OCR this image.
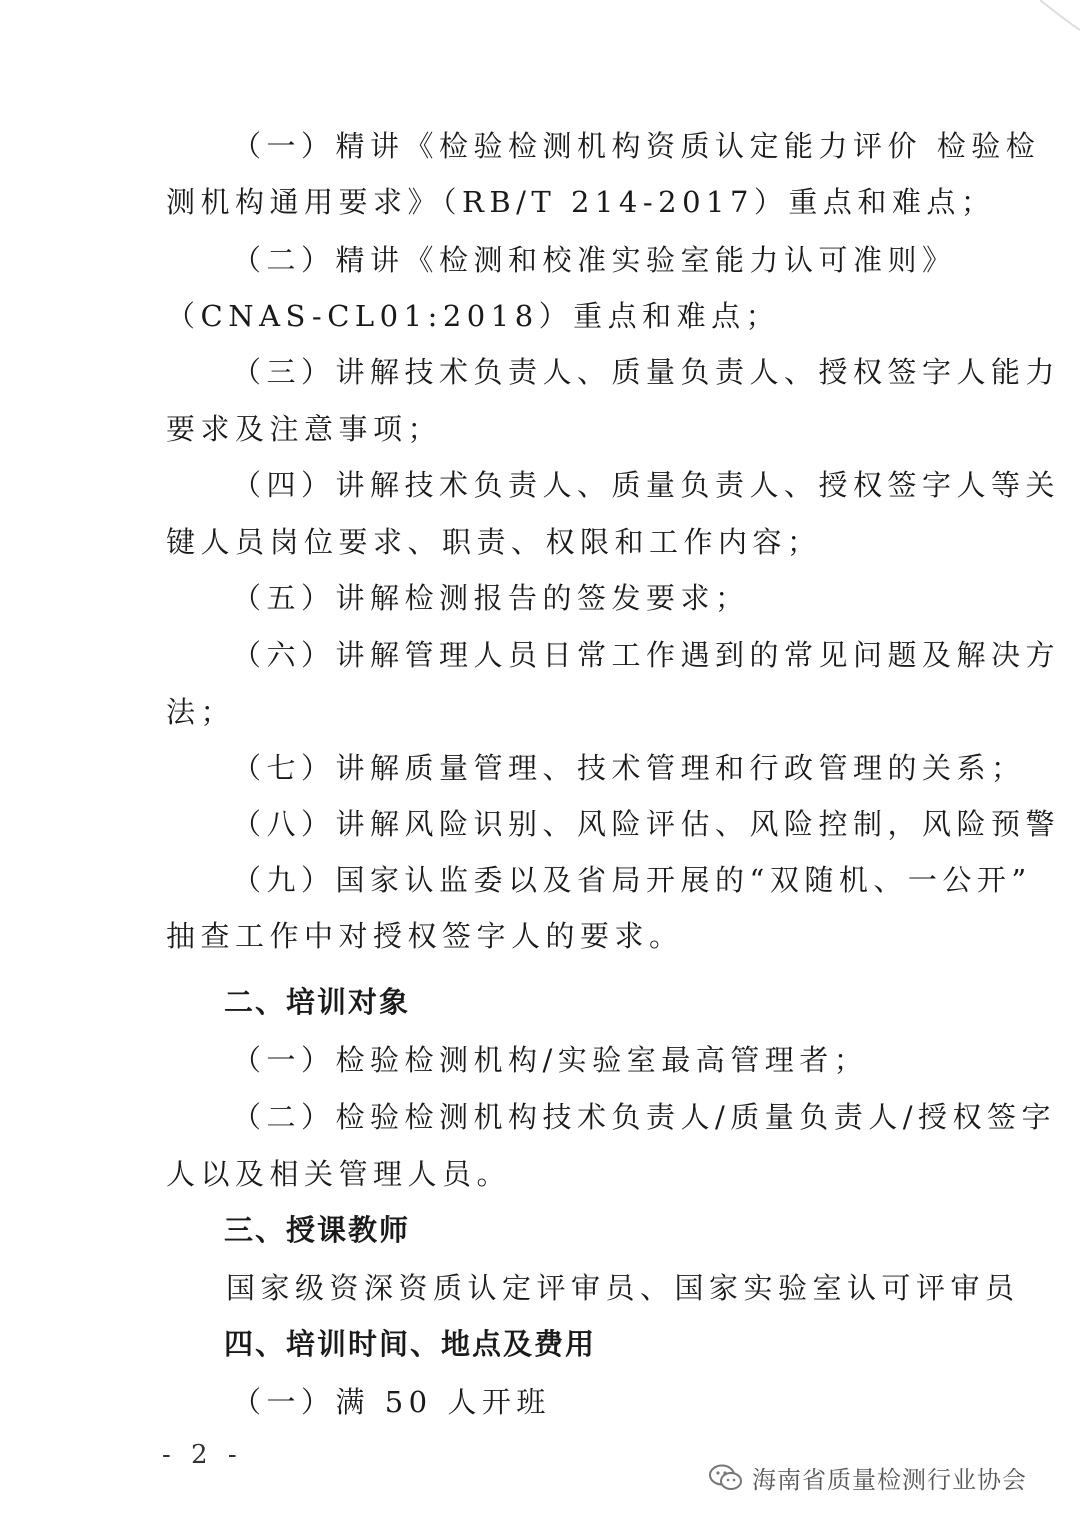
（一）精讲《检验检测机构资质认定能力评价 检验检
测机构通用要求》（RB/T 214-2017）重点和难点；
（二）精讲《检测和校准实验室能力认可准则》
（CNAS-CL01:2018）重点和难点；
（三）讲解技术负责人、质量负责人、授权签字人能力
要求及注意事项；
（四）讲解技术负责人、质量负责人、授权签字人等关
键人员岗位要求、职责、权限和工作内容；
（五）讲解检测报告的签发要求；
（六）讲解管理人员日常工作遇到的常见问题及解决方
法；
（七）讲解质量管理、技术管理和行政管理的关系；
（八）讲解风险识别、风险评估、风险控制，风险预警
（九）国家认监委以及省局开展的“双随机、一公开”
抽查工作中对授权签字人的要求。
二、培训对象
（一）检验检测机构/实验室最高管理者；
（二）检验检测机构技术负责人/质量负责人/授权签字
人以及相关管理人员。
三、授课教师
国家级资深资质认定评审员、国家实验室认可评审员
四、培训时间、地点及费用
（一）满 50 人开班
- 2 -
海南省质量检测行业协会
